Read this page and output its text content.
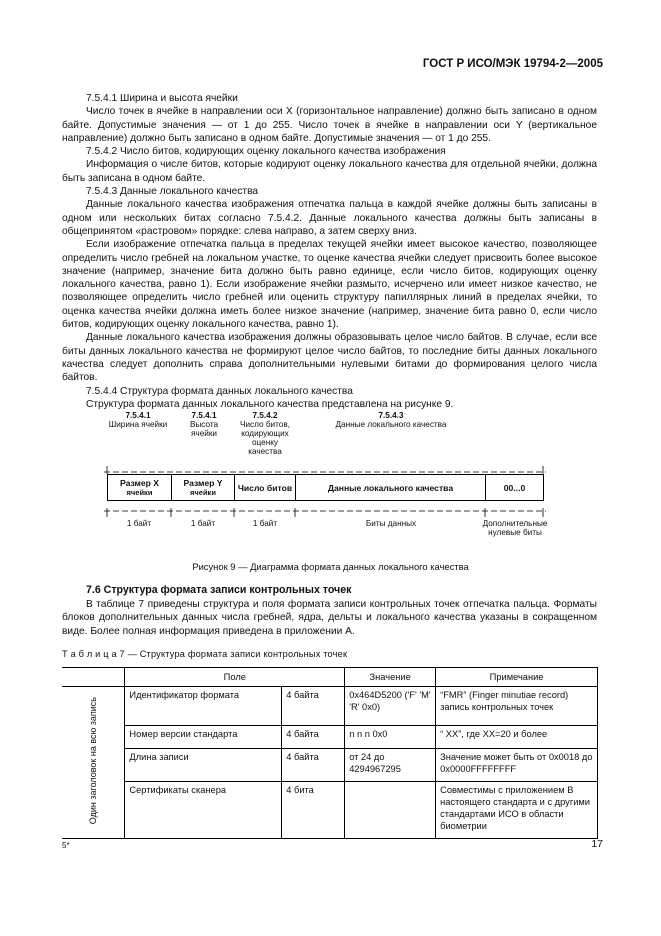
ГОСТ Р ИСО/МЭК 19794-2—2005

7.5.4.1 Ширина и высота ячейки

Число точек в ячейке в направлении оси X (горизонтальное направление) должно быть записано в одном байте. Допустимые значения — от 1 до 255. Число точек в ячейке в направлении оси Y (вертикальное направление) должно быть записано в одном байте. Допустимые значения — от 1 до 255.

7.5.4.2 Число битов, кодирующих оценку локального качества изображения

Информация о числе битов, которые кодируют оценку локального качества для отдельной ячейки, должна быть записана в одном байте.

7.5.4.3 Данные локального качества

Данные локального качества изображения отпечатка пальца в каждой ячейке должны быть записаны в одном или нескольких битах согласно 7.5.4.2. Данные локального качества должны быть записаны в общепринятом «растровом» порядке: слева направо, а затем сверху вниз.

Если изображение отпечатка пальца в пределах текущей ячейки имеет высокое качество, позволяющее определить число гребней на локальном участке, то оценке качества ячейки следует присвоить более высокое значение (например, значение бита должно быть равно единице, если число битов, кодирующих оценку локального качества, равно 1). Если изображение ячейки размыто, исчерчено или имеет низкое качество, не позволяющее определить число гребней или оценить структуру папиллярных линий в пределах ячейки, то оценка качества ячейки должна иметь более низкое значение (например, значение бита равно 0, если число битов, кодирующих оценку локального качества, равно 1).

Данные локального качества изображения должны образовывать целое число байтов. В случае, если все биты данных локального качества не формируют целое число байтов, то последние биты данных локального качества следует дополнить справа дополнительными нулевыми битами до формирования целого числа байтов.

7.5.4.4 Структура формата данных локального качества

Структура формата данных локального качества представлена на рисунке 9.

7.5.4.1
Ширина ячейки
7.5.4.1
Высота ячейки
7.5.4.2
Число битов, кодирующих оценку качества
7.5.4.3
Данные локального качества
Размер X
ячейки
Размер Y
ячейки	Число битов	Данные локального качества	00...0
1 байт	1 байт	1 байт	Биты данных	Дополнительные нулевые биты
Рисунок 9 — Диаграмма формата данных локального качества
7.6 Структура формата записи контрольных точек

В таблице 7 приведены структура и поля формата записи контрольных точек отпечатка пальца. Форматы блоков дополнительных данных числа гребней, ядра, дельты и локального качества указаны в сокращенном виде. Более полная информация приведена в приложении А.

Т а б л и ц а 7 — Структура формата записи контрольных точек
	Поле		Значение	Примечание
Один заголовок на всю запись	Идентификатор формата	4 байта	0x464D5200 ('F' 'M' 'R' 0x0)	“FMR” (Finger minutiae record) запись контрольных точек
	Номер версии стандарта	4 байта	n n n 0x0	“ XX”, где XX=20 и более
	Длина записи	4 байта	от 24 до 4294967295	Значение может быть от 0x0018 до 0x0000FFFFFFFF
	Сертификаты сканера	4 бита		Совместимы с приложением В настоящего стандарта и с другими стандартами ИСО в области биометрии
5*	17
